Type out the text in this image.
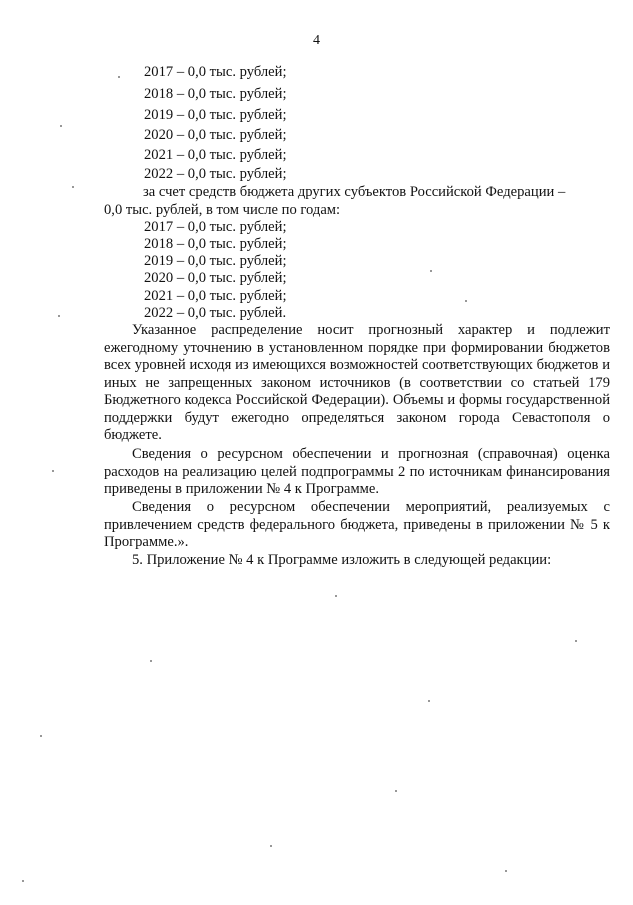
4
2017 – 0,0 тыс. рублей;
2018 – 0,0 тыс. рублей;
2019 – 0,0 тыс. рублей;
2020 – 0,0 тыс. рублей;
2021 – 0,0 тыс. рублей;
2022 – 0,0 тыс. рублей;
за счет средств бюджета других субъектов Российской Федерации –
0,0 тыс. рублей, в том числе по годам:
2017 – 0,0 тыс. рублей;
2018 – 0,0 тыс. рублей;
2019 – 0,0 тыс. рублей;
2020 – 0,0 тыс. рублей;
2021 – 0,0 тыс. рублей;
2022 – 0,0 тыс. рублей.
Указанное распределение носит прогнозный характер и подлежит ежегодному уточнению в установленном порядке при формировании бюджетов всех уровней исходя из имеющихся возможностей соответствующих бюджетов и иных не запрещенных законом источников (в соответствии со статьей 179 Бюджетного кодекса Российской Федерации). Объемы и формы государственной поддержки будут ежегодно определяться законом города Севастополя о бюджете.
Сведения о ресурсном обеспечении и прогнозная (справочная) оценка расходов на реализацию целей подпрограммы 2 по источникам финансирования приведены в приложении № 4 к Программе.
Сведения о ресурсном обеспечении мероприятий, реализуемых с привлечением средств федерального бюджета, приведены в приложении № 5 к Программе.».
5. Приложение № 4 к Программе изложить в следующей редакции:
